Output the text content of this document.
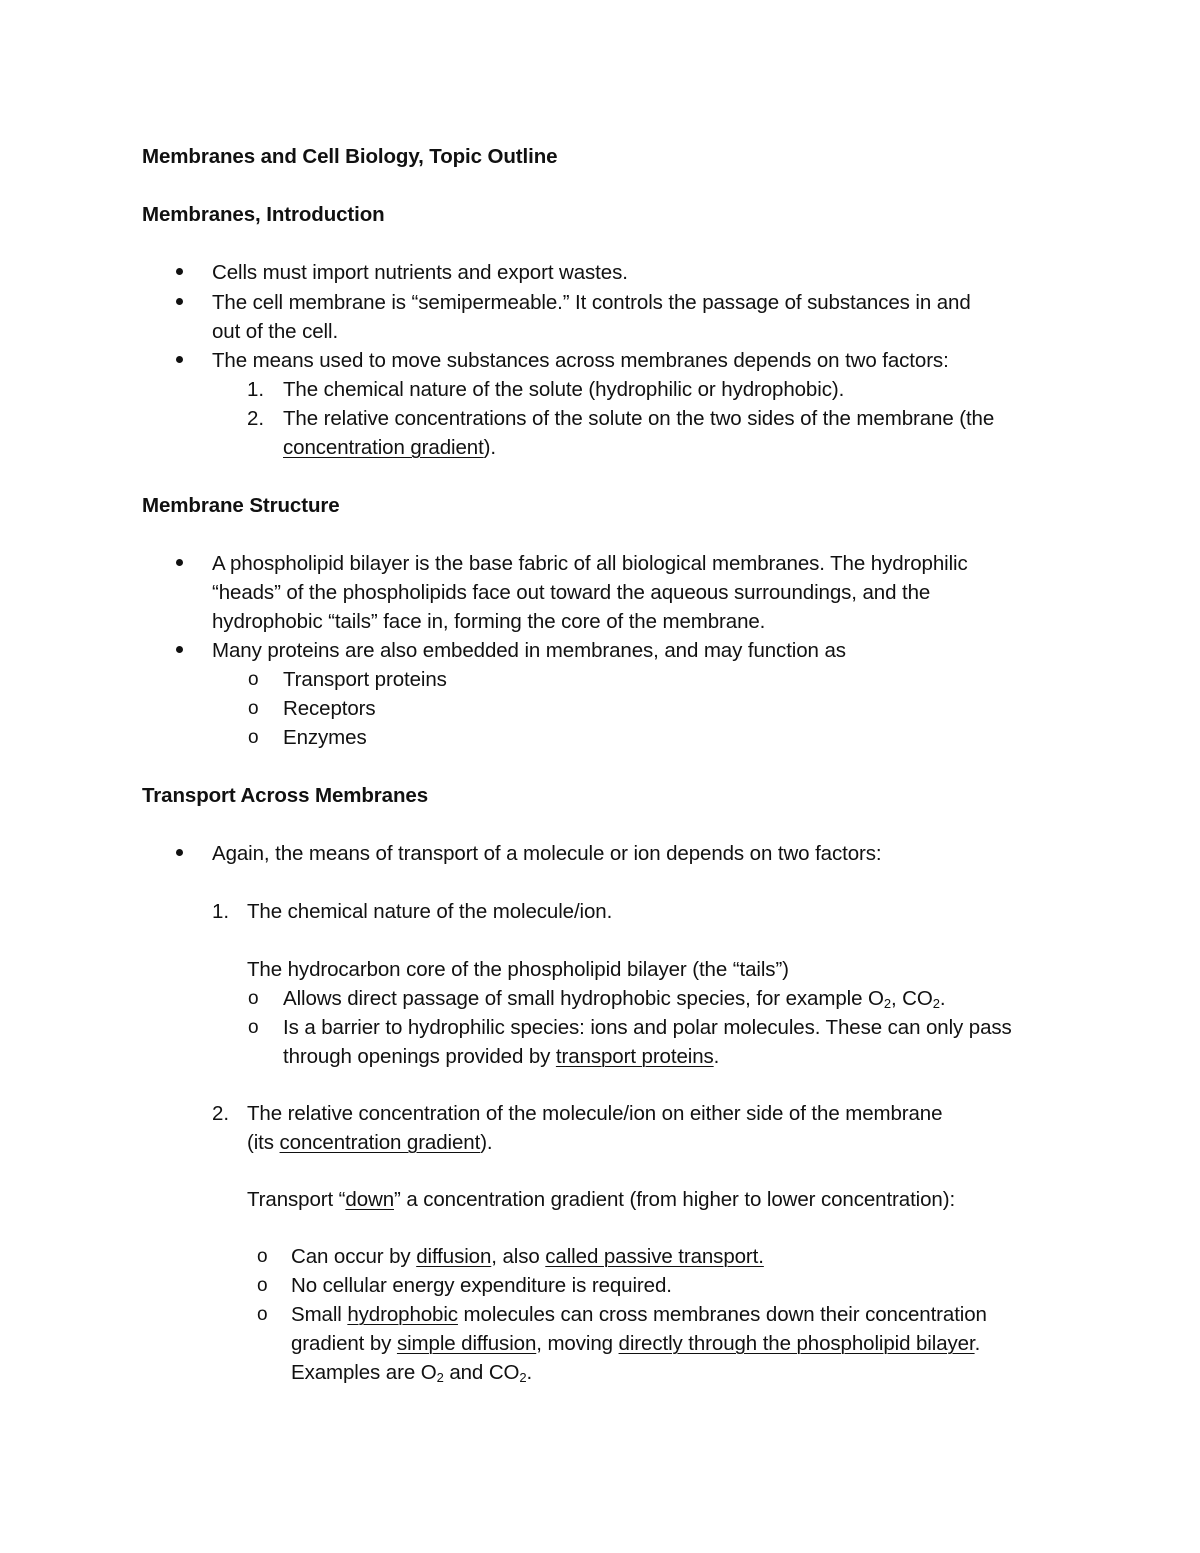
Membranes and Cell Biology, Topic Outline
Membranes, Introduction
Cells must import nutrients and export wastes.
The cell membrane is “semipermeable.” It controls the passage of substances in and
out of the cell.
The means used to move substances across membranes depends on two factors:
1. The chemical nature of the solute (hydrophilic or hydrophobic).
2. The relative concentrations of the solute on the two sides of the membrane (the
concentration gradient).
Membrane Structure
A phospholipid bilayer is the base fabric of all biological membranes. The hydrophilic
“heads” of the phospholipids face out toward the aqueous surroundings, and the
hydrophobic “tails” face in, forming the core of the membrane.
Many proteins are also embedded in membranes, and may function as
o Transport proteins
o Receptors
o Enzymes
Transport Across Membranes
Again, the means of transport of a molecule or ion depends on two factors:
1. The chemical nature of the molecule/ion.
The hydrocarbon core of the phospholipid bilayer (the “tails”)
o Allows direct passage of small hydrophobic species, for example $O_2$, $CO_2$.
o Is a barrier to hydrophilic species: ions and polar molecules. These can only pass
through openings provided by transport proteins.
2. The relative concentration of the molecule/ion on either side of the membrane
(its concentration gradient).
Transport “down” a concentration gradient (from higher to lower concentration):
o Can occur by diffusion, also called passive transport.
o No cellular energy expenditure is required.
o Small hydrophobic molecules can cross membranes down their concentration
gradient by simple diffusion, moving directly through the phospholipid bilayer.
Examples are $O_2$ and $CO_2$.
